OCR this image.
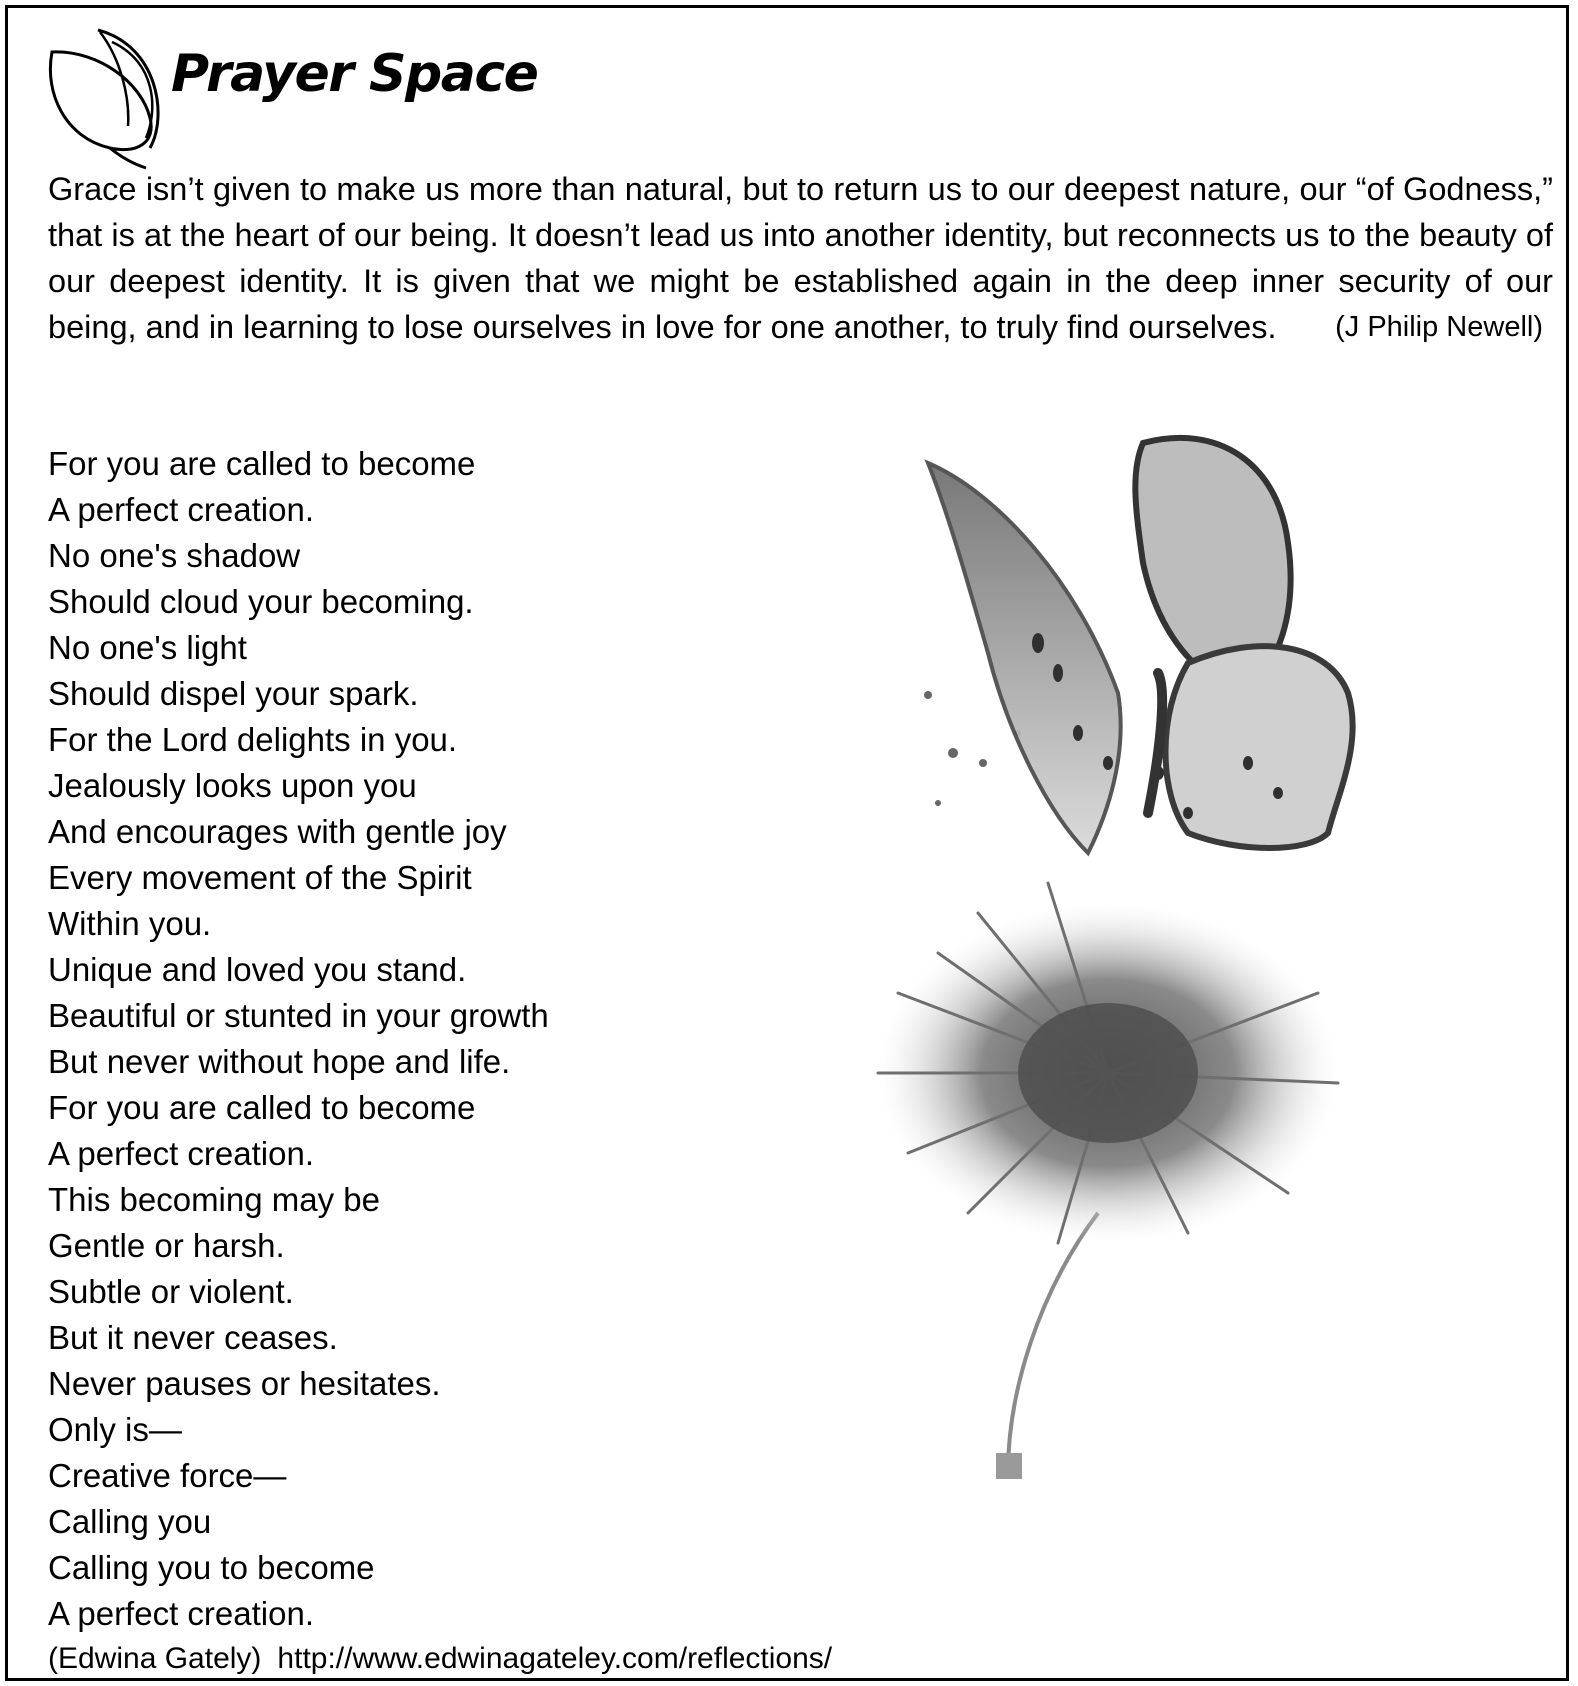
Prayer Space

Grace isn’t given to make us more than natural, but to return us to our deepest nature, our “of Godness,” that is at the heart of our being. It doesn’t lead us into another identity, but reconnects us to the beauty of our deepest identity. It is given that we might be established again in the deep inner security of our being, and in learning to lose ourselves in love for one another, to truly find ourselves. (J Philip Newell)

For you are called to become
A perfect creation.
No one's shadow
Should cloud your becoming.
No one's light
Should dispel your spark.
For the Lord delights in you.
Jealously looks upon you
And encourages with gentle joy
Every movement of the Spirit
Within you.
Unique and loved you stand.
Beautiful or stunted in your growth
But never without hope and life.
For you are called to become
A perfect creation.
This becoming may be
Gentle or harsh.
Subtle or violent.
But it never ceases.
Never pauses or hesitates.
Only is—
Creative force—
Calling you
Calling you to become
A perfect creation.

(Edwina Gately) http://www.edwinagateley.com/reflections/
